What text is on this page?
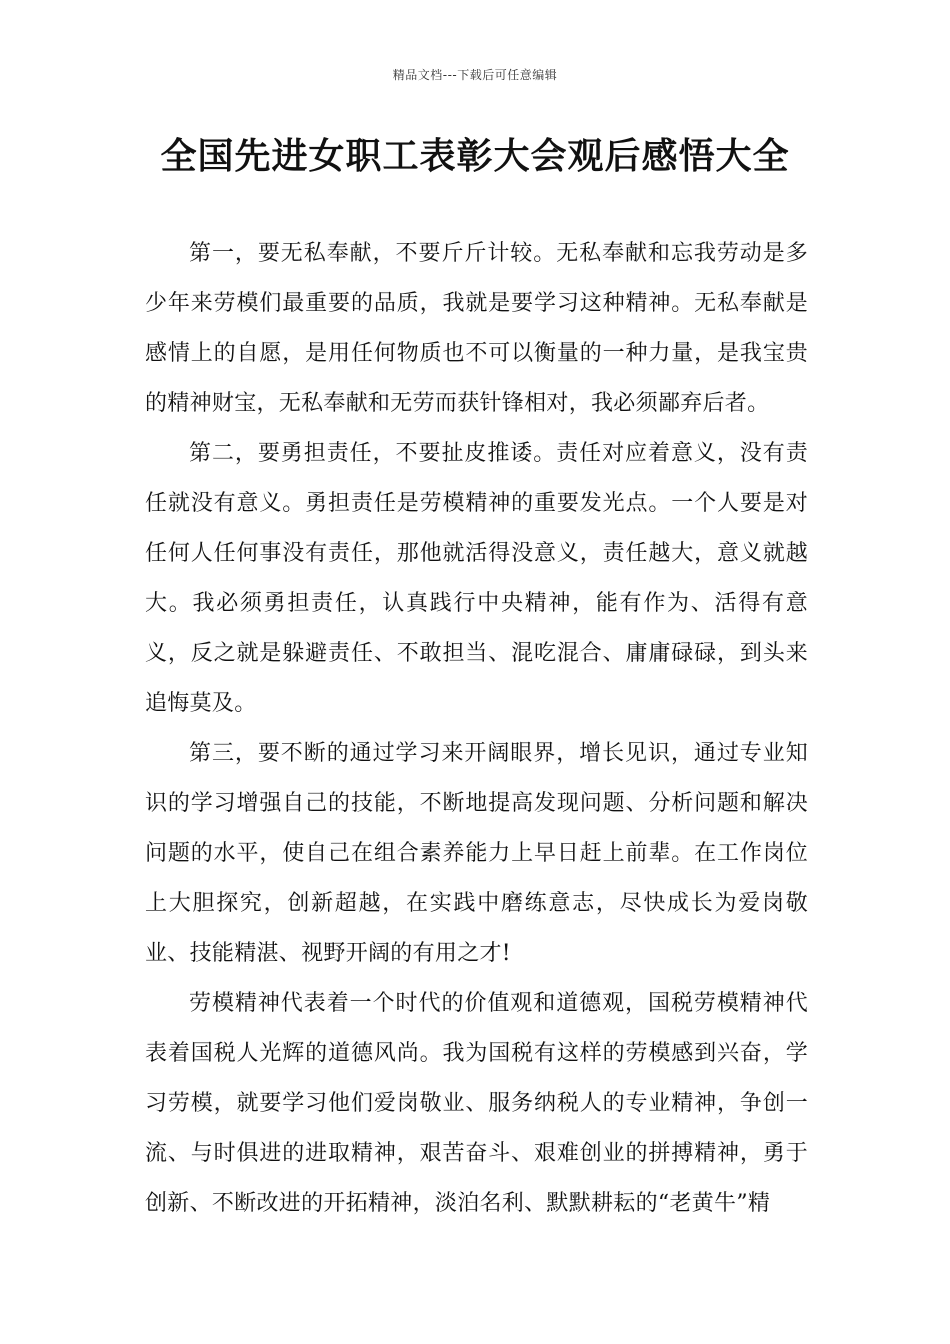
精品文档---下载后可任意编辑
全国先进女职工表彰大会观后感悟大全

第一，要无私奉献，不要斤斤计较。无私奉献和忘我劳动是多少年来劳模们最重要的品质，我就是要学习这种精神。无私奉献是感情上的自愿，是用任何物质也不可以衡量的一种力量，是我宝贵的精神财宝，无私奉献和无劳而获针锋相对，我必须鄙弃后者。

第二，要勇担责任，不要扯皮推诿。责任对应着意义，没有责任就没有意义。勇担责任是劳模精神的重要发光点。一个人要是对任何人任何事没有责任，那他就活得没意义，责任越大，意义就越大。我必须勇担责任，认真践行中央精神，能有作为、活得有意义，反之就是躲避责任、不敢担当、混吃混合、庸庸碌碌，到头来追悔莫及。

第三，要不断的通过学习来开阔眼界，增长见识，通过专业知识的学习增强自己的技能，不断地提高发现问题、分析问题和解决问题的水平，使自己在组合素养能力上早日赶上前辈。在工作岗位上大胆探究，创新超越，在实践中磨练意志，尽快成长为爱岗敬业、技能精湛、视野开阔的有用之才!

劳模精神代表着一个时代的价值观和道德观，国税劳模精神代表着国税人光辉的道德风尚。我为国税有这样的劳模感到兴奋，学习劳模，就要学习他们爱岗敬业、服务纳税人的专业精神，争创一流、与时俱进的进取精神，艰苦奋斗、艰难创业的拼搏精神，勇于创新、不断改进的开拓精神，淡泊名利、默默耕耘的“老黄牛”精
